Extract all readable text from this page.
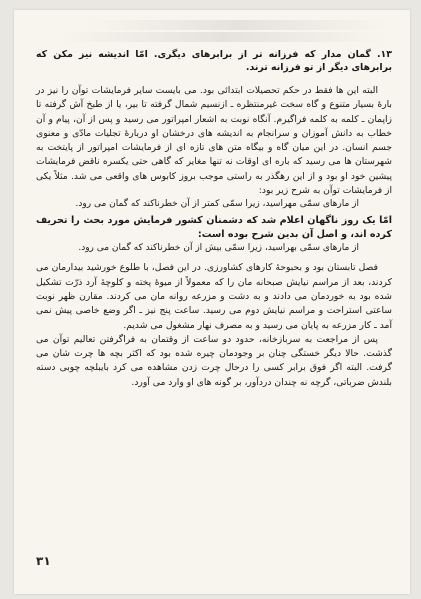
۱۳. گمان مدار که فرزانه تر از برابرهای دیگری. امّا اندیشه نیز مکن که برابرهای دیگر از تو فرزانه ترند.

البته این ها فقط در حکم تحصیلات ابتدائی بود. می بایست سایر فرمایشات توآن را نیز در بارهٔ بسیار متنوع و گاه سخت غیرمنتظره ـ ازنسیم شمال گرفته تا بیر، یا از طبخ آش گرفته تا زاپمان ـ کلمه به کلمه فراگیرم. آنگاه نوبت به اشعار امپراتور می رسید و پس از آن، پیام و آن خطاب به دانش آموزان و سرانجام به اندیشه های درخشان او دربارهٔ تجلیات مادّی و معنوی جسم انسان. در این میان گاه و بیگاه متن های تازه ای از فرمایشات امپراتور از پایتخت به شهرستان ها می رسید که باره ای اوقات نه تنها مغایر که گاهی حتی یکسره ناقض فرمایشات پیشین خود او بود و از این رهگذر به راستی موجب بروز کابوس های واقعی می شد. مثلاً یکی از فرمایشات توآن به شرح زیر بود:

از مارهای سمّی مهراسید، زیرا سمّی کمتر از آن خطرناکند که گمان می رود.

امّا یک روز ناگهان اعلام شد که دشمنان کشور فرمایش مورد بحث را تحریف کرده اند، و اصل آن بدین شرح بوده است:

از مارهای سمّی بهراسید، زیرا سمّی بیش از آن خطرناکند که گمان می رود.

فصل تابستان بود و بحبوحهٔ کارهای کشاورزی. در این فصل، با طلوع خورشید بیدارمان می کردند، بعد از مراسم نیایش صبحانه مان را که معمولاً از میوهٔ پخته و کلوچهٔ آرد ذرّت تشکیل شده بود به خوردمان می دادند و به دشت و مزرعه روانه مان می کردند. مقارن ظهر نوبت ساعتی استراحت و مراسم نیایش دوم می رسید. ساعت پنج نیز ـ اگر وضع خاصی پیش نمی آمد ـ کار مزرعه به پایان می رسید و به مصرف نهار مشغول می شدیم.

پس از مراجعت به سربازخانه، حدود دو ساعت از وقتمان به فراگرفتن تعالیم توآن می گذشت. حالا دیگر خستگی چنان بر وجودمان چیره شده بود که اکثر بچه ها چرت شان می گرفت. البته اگر فوق برابر کسی را درحال چرت زدن مشاهده می کرد بایبلچه چوبی دسته بلندش ضرباتی، گرچه نه چندان دردآور، بر گونه های او وارد می آورد.

۳۱
